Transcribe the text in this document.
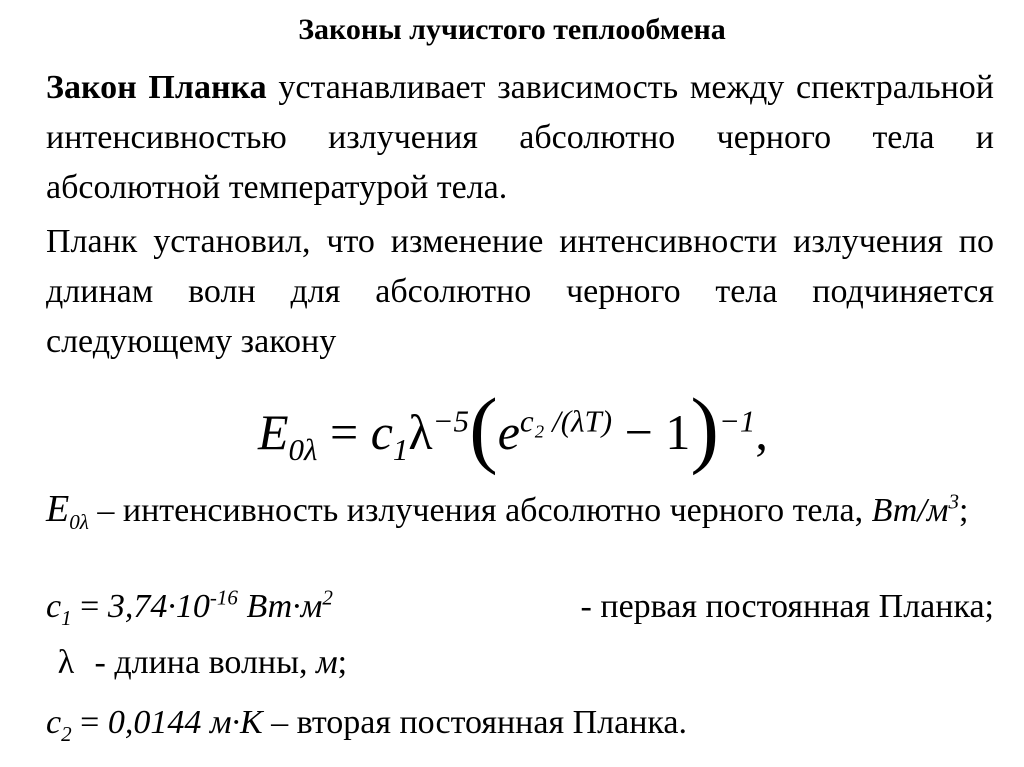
Законы лучистого теплообмена
Закон Планка устанавливает зависимость между спектральной интенсивностью излучения абсолютно черного тела и абсолютной температурой тела.
Планк установил, что изменение интенсивности излучения по длинам волн для абсолютно черного тела подчиняется следующему закону
$E_{0\lambda} = c_1\lambda^{-5}(e^{c_2 /(\lambda T)} - 1)^{-1}$,
$E_{0\lambda}$ – интенсивность излучения абсолютно черного тела, $Вт/м^3$;
$c_1 = 3,74\cdot 10^{-16}$ $Вт\cdot м^2$	- первая постоянная Планка;
λ - длина волны, м;
$c_2 = 0,0144$ м·К – вторая постоянная Планка.
